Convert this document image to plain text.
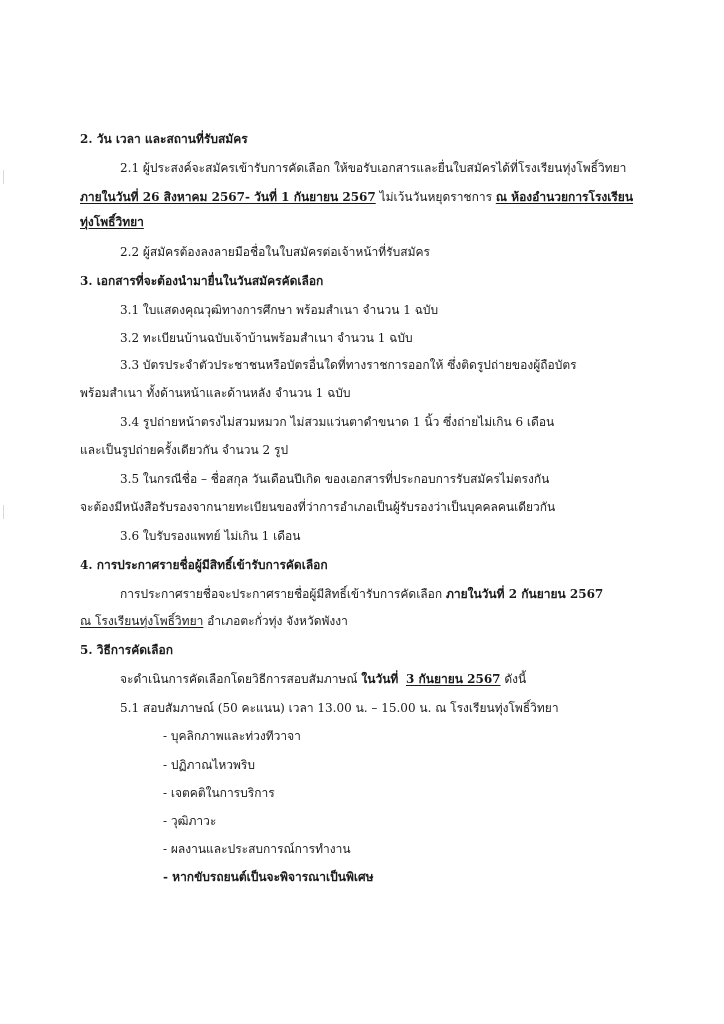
2. วัน เวลา และสถานที่รับสมัคร
2.1 ผู้ประสงค์จะสมัครเข้ารับการคัดเลือก ให้ขอรับเอกสารและยื่นใบสมัครได้ที่โรงเรียนทุ่งโพธิ์วิทยา
ภายในวันที่ 26 สิงหาคม 2567- วันที่ 1 กันยายน 2567 ไม่เว้นวันหยุดราชการ ณ ห้องอำนวยการโรงเรียน
ทุ่งโพธิ์วิทยา
2.2 ผู้สมัครต้องลงลายมือชื่อในใบสมัครต่อเจ้าหน้าที่รับสมัคร
3. เอกสารที่จะต้องนำมายื่นในวันสมัครคัดเลือก
3.1 ใบแสดงคุณวุฒิทางการศึกษา พร้อมสำเนา จำนวน 1 ฉบับ
3.2 ทะเบียนบ้านฉบับเจ้าบ้านพร้อมสำเนา จำนวน 1 ฉบับ
3.3 บัตรประจำตัวประชาชนหรือบัตรอื่นใดที่ทางราชการออกให้ ซึ่งติดรูปถ่ายของผู้ถือบัตร
พร้อมสำเนา ทั้งด้านหน้าและด้านหลัง จำนวน 1 ฉบับ
3.4 รูปถ่ายหน้าตรงไม่สวมหมวก ไม่สวมแว่นตาดำขนาด 1 นิ้ว ซึ่งถ่ายไม่เกิน 6 เดือน
และเป็นรูปถ่ายครั้งเดียวกัน จำนวน 2 รูป
3.5 ในกรณีชื่อ – ชื่อสกุล วันเดือนปีเกิด ของเอกสารที่ประกอบการรับสมัครไม่ตรงกัน
จะต้องมีหนังสือรับรองจากนายทะเบียนของที่ว่าการอำเภอเป็นผู้รับรองว่าเป็นบุคคลคนเดียวกัน
3.6 ใบรับรองแพทย์ ไม่เกิน 1 เดือน
4. การประกาศรายชื่อผู้มีสิทธิ์เข้ารับการคัดเลือก
การประกาศรายชื่อจะประกาศรายชื่อผู้มีสิทธิ์เข้ารับการคัดเลือก ภายในวันที่ 2 กันยายน 2567
ณ โรงเรียนทุ่งโพธิ์วิทยา อำเภอตะกั่วทุ่ง จังหวัดพังงา
5. วิธีการคัดเลือก
จะดำเนินการคัดเลือกโดยวิธีการสอบสัมภาษณ์ ในวันที่ 3 กันยายน 2567 ดังนี้
5.1 สอบสัมภาษณ์ (50 คะแนน) เวลา 13.00 น. – 15.00 น. ณ โรงเรียนทุ่งโพธิ์วิทยา
- บุคลิกภาพและท่วงทีวาจา
- ปฏิภาณไหวพริบ
- เจตคติในการบริการ
- วุฒิภาวะ
- ผลงานและประสบการณ์การทำงาน
- หากขับรถยนต์เป็นจะพิจารณาเป็นพิเศษ
